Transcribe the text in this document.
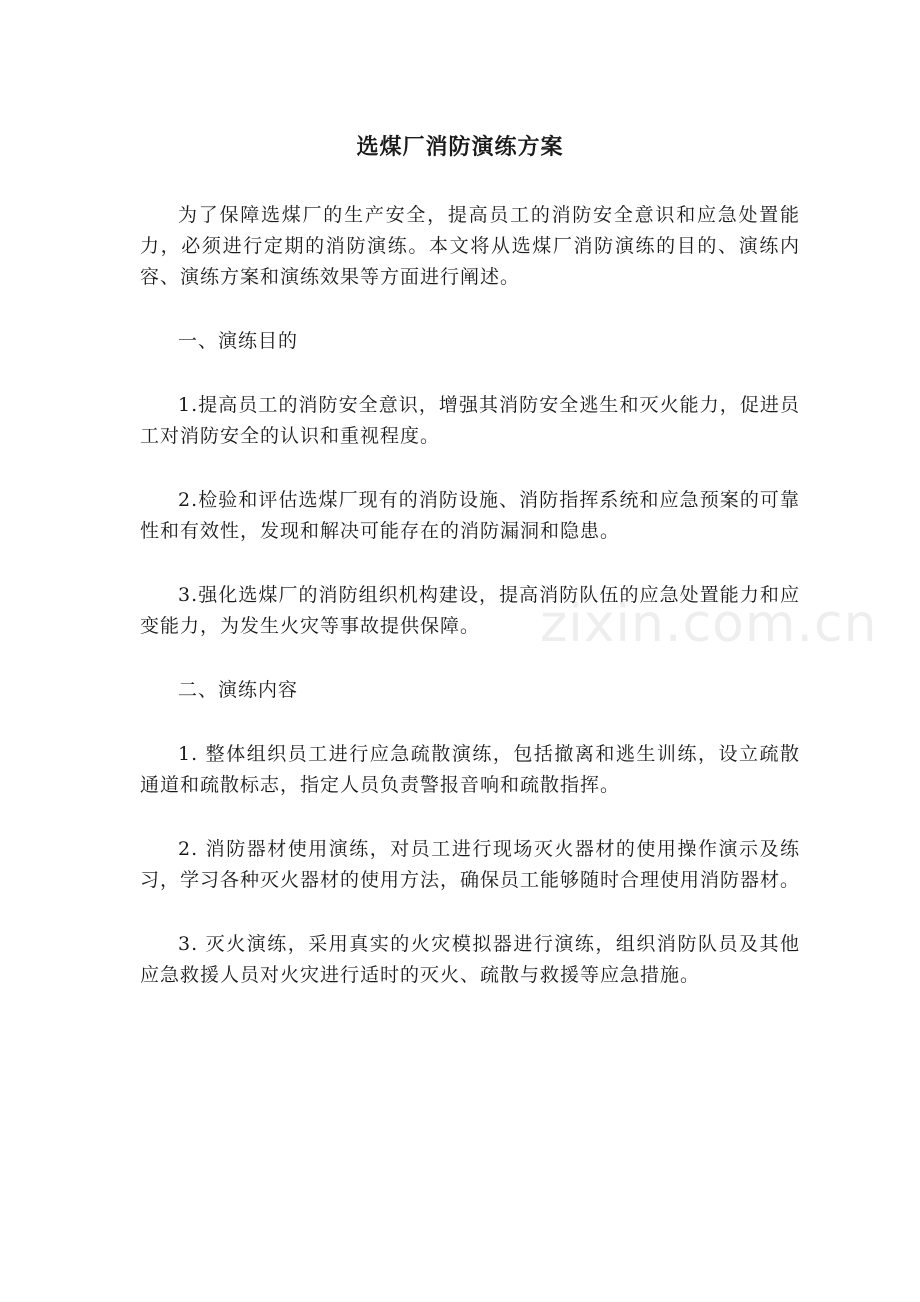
选煤厂消防演练方案

为了保障选煤厂的生产安全，提高员工的消防安全意识和应急处置能力，必须进行定期的消防演练。本文将从选煤厂消防演练的目的、演练内容、演练方案和演练效果等方面进行阐述。

一、演练目的

1.提高员工的消防安全意识，增强其消防安全逃生和灭火能力，促进员工对消防安全的认识和重视程度。

2.检验和评估选煤厂现有的消防设施、消防指挥系统和应急预案的可靠性和有效性，发现和解决可能存在的消防漏洞和隐患。

3.强化选煤厂的消防组织机构建设，提高消防队伍的应急处置能力和应变能力，为发生火灾等事故提供保障。

二、演练内容

1. 整体组织员工进行应急疏散演练，包括撤离和逃生训练，设立疏散通道和疏散标志，指定人员负责警报音响和疏散指挥。

2. 消防器材使用演练，对员工进行现场灭火器材的使用操作演示及练习，学习各种灭火器材的使用方法，确保员工能够随时合理使用消防器材。

3. 灭火演练，采用真实的火灾模拟器进行演练，组织消防队员及其他应急救援人员对火灾进行适时的灭火、疏散与救援等应急措施。

zixin.com.cn
